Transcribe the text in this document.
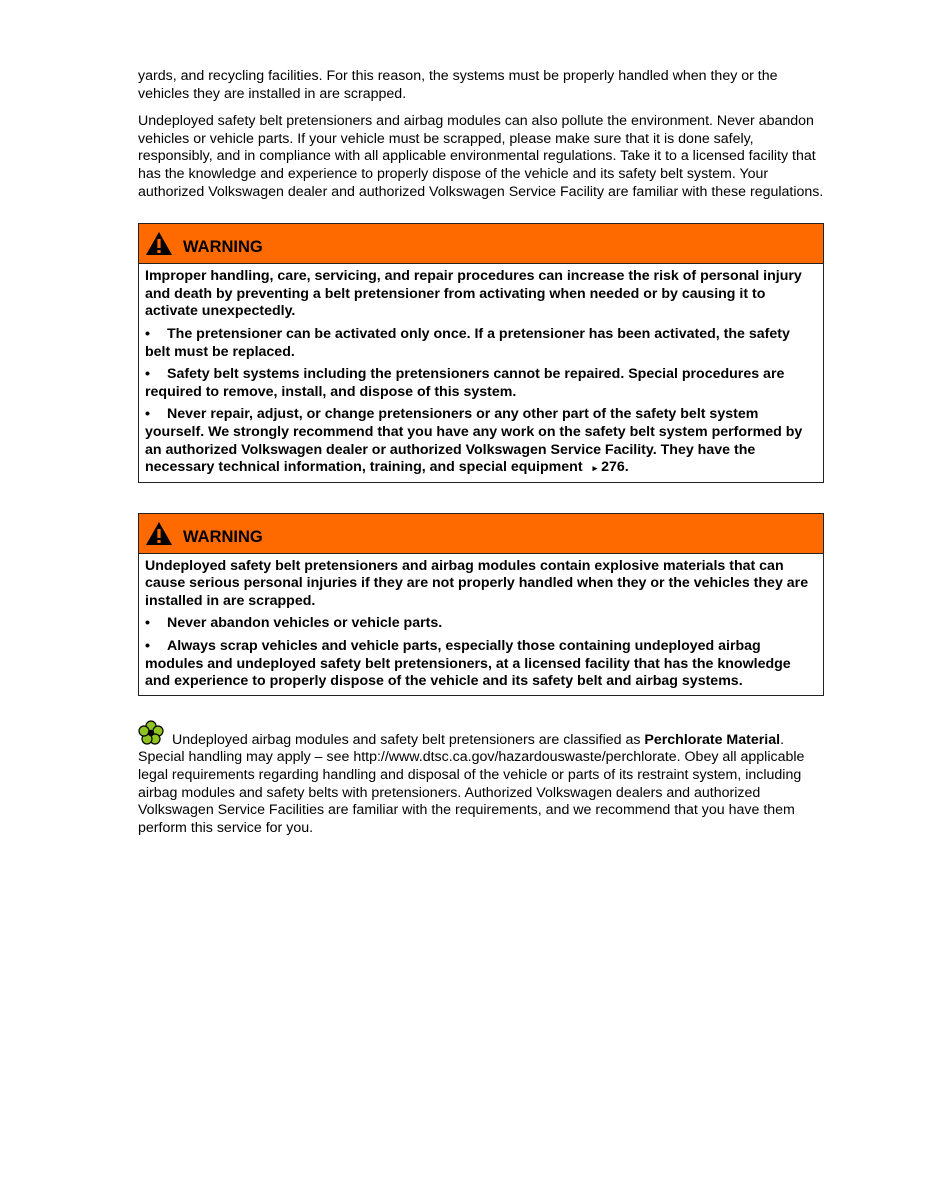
yards, and recycling facilities. For this reason, the systems must be properly handled when they or the vehicles they are installed in are scrapped.

Undeployed safety belt pretensioners and airbag modules can also pollute the environment. Never abandon vehicles or vehicle parts. If your vehicle must be scrapped, please make sure that it is done safely, responsibly, and in compliance with all applicable environmental regulations. Take it to a licensed facility that has the knowledge and experience to properly dispose of the vehicle and its safety belt system. Your authorized Volkswagen dealer and authorized Volkswagen Service Facility are familiar with these regulations.

WARNING

Improper handling, care, servicing, and repair procedures can increase the risk of personal injury and death by preventing a belt pretensioner from activating when needed or by causing it to activate unexpectedly.

• The pretensioner can be activated only once. If a pretensioner has been activated, the safety belt must be replaced.

• Safety belt systems including the pretensioners cannot be repaired. Special procedures are required to remove, install, and dispose of this system.

• Never repair, adjust, or change pretensioners or any other part of the safety belt system yourself. We strongly recommend that you have any work on the safety belt system performed by an authorized Volkswagen dealer or authorized Volkswagen Service Facility. They have the necessary technical information, training, and special equipment ▸ 276.

WARNING

Undeployed safety belt pretensioners and airbag modules contain explosive materials that can cause serious personal injuries if they are not properly handled when they or the vehicles they are installed in are scrapped.

• Never abandon vehicles or vehicle parts.

• Always scrap vehicles and vehicle parts, especially those containing undeployed airbag modules and undeployed safety belt pretensioners, at a licensed facility that has the knowledge and experience to properly dispose of the vehicle and its safety belt and airbag systems.

Undeployed airbag modules and safety belt pretensioners are classified as Perchlorate Material. Special handling may apply – see http://www.dtsc.ca.gov/hazardouswaste/perchlorate. Obey all applicable legal requirements regarding handling and disposal of the vehicle or parts of its restraint system, including airbag modules and safety belts with pretensioners. Authorized Volkswagen dealers and authorized Volkswagen Service Facilities are familiar with the requirements, and we recommend that you have them perform this service for you.
